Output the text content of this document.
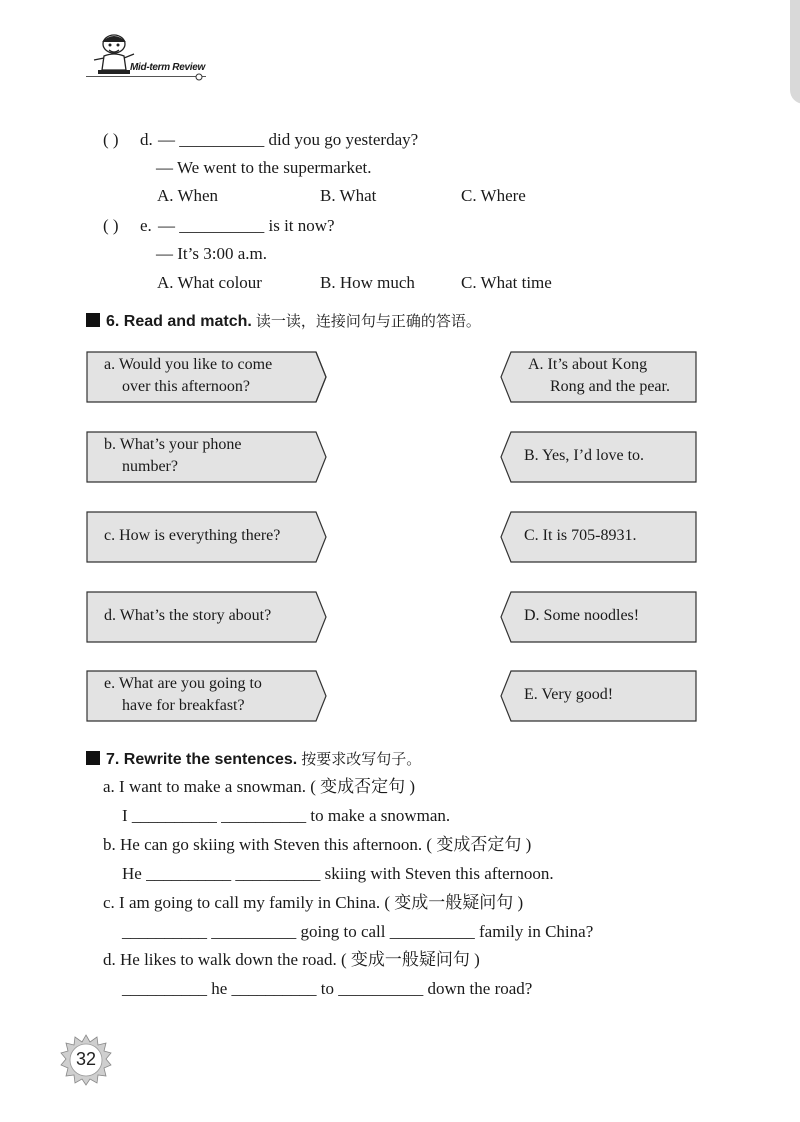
Mid-term Review
( ) d. — __________ did you go yesterday?
— We went to the supermarket.
A. When	B. What	C. Where
( ) e. — __________ is it now?
— It’s 3:00 a.m.
A. What colour	B. How much	C. What time
6. Read and match. 读一读，连接问句与正确的答语。
a. Would you like to come
over this afternoon?
b. What’s your phone
number?
c. How is everything there?
d. What’s the story about?
e. What are you going to
have for breakfast?
A. It’s about Kong
Rong and the pear.
B. Yes, I’d love to.
C. It is 705-8931.
D. Some noodles!
E. Very good!
7. Rewrite the sentences. 按要求改写句子。
a. I want to make a snowman. ( 变成否定句 )
I __________ __________ to make a snowman.
b. He can go skiing with Steven this afternoon. ( 变成否定句 )
He __________ __________ skiing with Steven this afternoon.
c. I am going to call my family in China. ( 变成一般疑问句 )
__________ __________ going to call __________ family in China?
d. He likes to walk down the road. ( 变成一般疑问句 )
__________ he __________ to __________ down the road?
32
